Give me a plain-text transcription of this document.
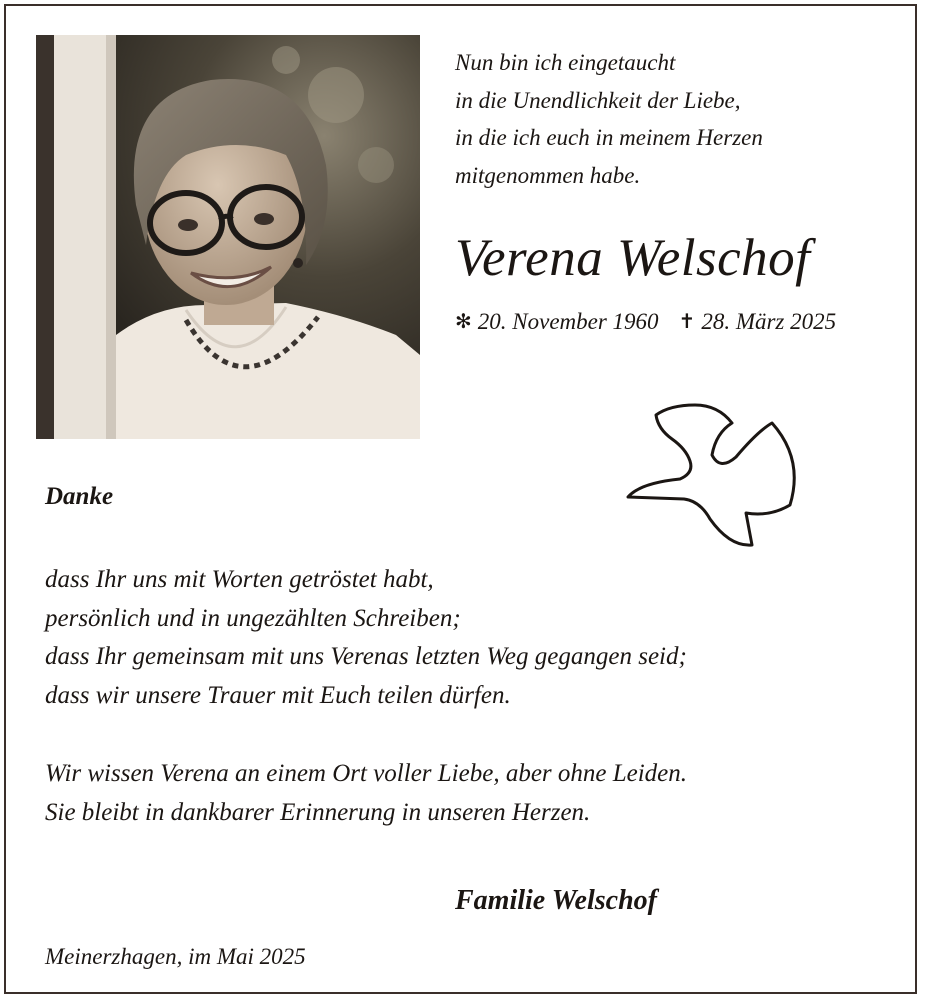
Nun bin ich eingetaucht
in die Unendlichkeit der Liebe,
in die ich euch in meinem Herzen
mitgenommen habe.
Verena Welschof
✻ 20. November 1960 ✝ 28. März 2025
Danke
dass Ihr uns mit Worten getröstet habt,
persönlich und in ungezählten Schreiben;
dass Ihr gemeinsam mit uns Verenas letzten Weg gegangen seid;
dass wir unsere Trauer mit Euch teilen dürfen.
Wir wissen Verena an einem Ort voller Liebe, aber ohne Leiden.
Sie bleibt in dankbarer Erinnerung in unseren Herzen.
Familie Welschof
Meinerzhagen, im Mai 2025
